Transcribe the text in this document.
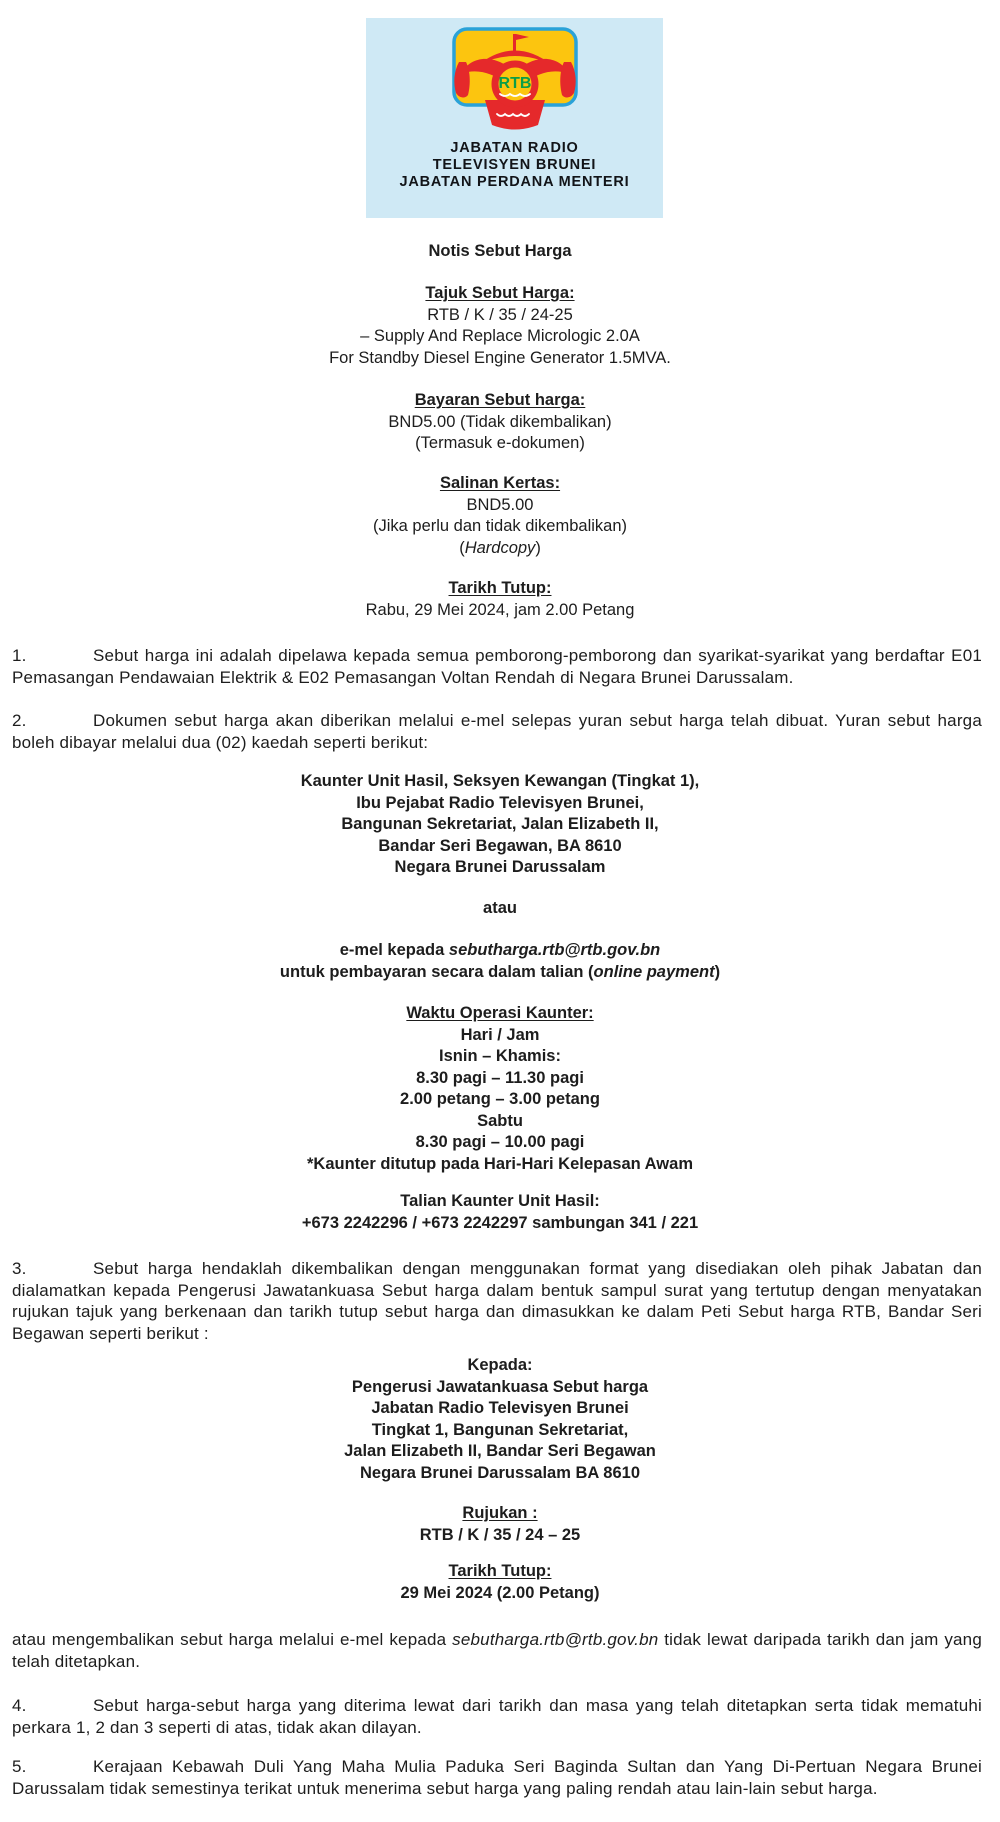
RTB
JABATAN RADIO
TELEVISYEN BRUNEI
JABATAN PERDANA MENTERI
Notis Sebut Harga
Tajuk Sebut Harga:
RTB / K / 35 / 24-25
– Supply And Replace Micrologic 2.0A
For Standby Diesel Engine Generator 1.5MVA.
Bayaran Sebut harga:
BND5.00 (Tidak dikembalikan)
(Termasuk e-dokumen)
Salinan Kertas:
BND5.00
(Jika perlu dan tidak dikembalikan)
(Hardcopy)
Tarikh Tutup:
Rabu, 29 Mei 2024, jam 2.00 Petang
1.	Sebut harga ini adalah dipelawa kepada semua pemborong-pemborong dan syarikat-syarikat yang berdaftar E01 Pemasangan Pendawaian Elektrik & E02 Pemasangan Voltan Rendah di Negara Brunei Darussalam.
2.	Dokumen sebut harga akan diberikan melalui e-mel selepas yuran sebut harga telah dibuat. Yuran sebut harga boleh dibayar melalui dua (02) kaedah seperti berikut:
Kaunter Unit Hasil, Seksyen Kewangan (Tingkat 1),
Ibu Pejabat Radio Televisyen Brunei,
Bangunan Sekretariat, Jalan Elizabeth II,
Bandar Seri Begawan, BA 8610
Negara Brunei Darussalam
atau
e-mel kepada sebutharga.rtb@rtb.gov.bn
untuk pembayaran secara dalam talian (online payment)
Waktu Operasi Kaunter:
Hari / Jam
Isnin – Khamis:
8.30 pagi – 11.30 pagi
2.00 petang – 3.00 petang
Sabtu
8.30 pagi – 10.00 pagi
*Kaunter ditutup pada Hari-Hari Kelepasan Awam
Talian Kaunter Unit Hasil:
+673 2242296 / +673 2242297 sambungan 341 / 221
3.	Sebut harga hendaklah dikembalikan dengan menggunakan format yang disediakan oleh pihak Jabatan dan dialamatkan kepada Pengerusi Jawatankuasa Sebut harga dalam bentuk sampul surat yang tertutup dengan menyatakan rujukan tajuk yang berkenaan dan tarikh tutup sebut harga dan dimasukkan ke dalam Peti Sebut harga RTB, Bandar Seri Begawan seperti berikut :
Kepada:
Pengerusi Jawatankuasa Sebut harga
Jabatan Radio Televisyen Brunei
Tingkat 1, Bangunan Sekretariat,
Jalan Elizabeth II, Bandar Seri Begawan
Negara Brunei Darussalam BA 8610
Rujukan :
RTB / K / 35 / 24 – 25
Tarikh Tutup:
29 Mei 2024 (2.00 Petang)
atau mengembalikan sebut harga melalui e-mel kepada sebutharga.rtb@rtb.gov.bn tidak lewat daripada tarikh dan jam yang telah ditetapkan.
4.	Sebut harga-sebut harga yang diterima lewat dari tarikh dan masa yang telah ditetapkan serta tidak mematuhi perkara 1, 2 dan 3 seperti di atas, tidak akan dilayan.
5.	Kerajaan Kebawah Duli Yang Maha Mulia Paduka Seri Baginda Sultan dan Yang Di-Pertuan Negara Brunei Darussalam tidak semestinya terikat untuk menerima sebut harga yang paling rendah atau lain-lain sebut harga.
